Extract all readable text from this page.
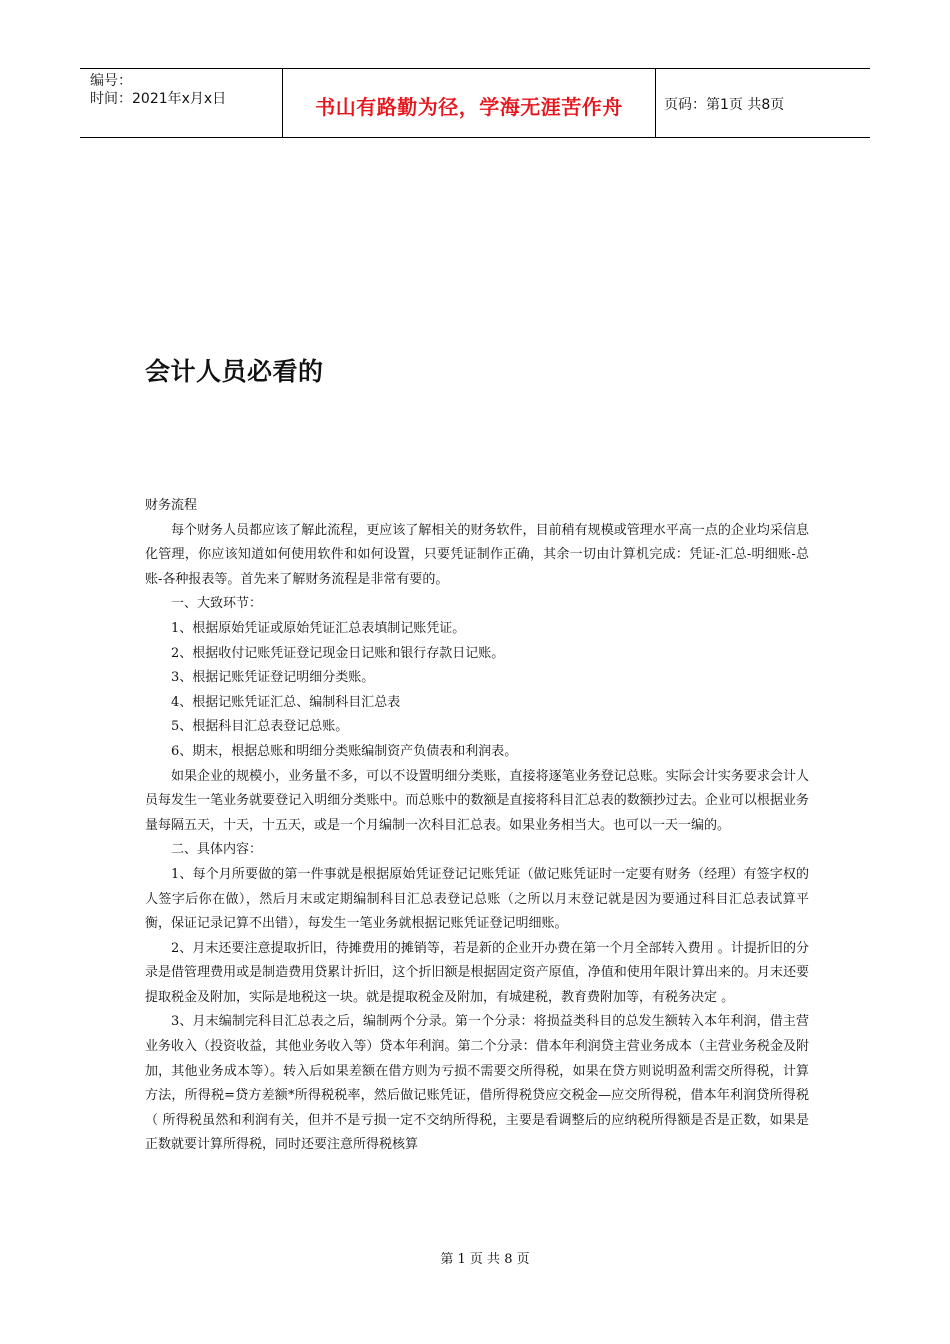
编号：
时间：2021年x月x日	书山有路勤为径，学海无涯苦作舟	页码：第1页 共8页
会计人员必看的

财务流程

每个财务人员都应该了解此流程，更应该了解相关的财务软件，目前稍有规模或管理水平高一点的企业均采信息化管理，你应该知道如何使用软件和如何设置，只要凭证制作正确，其余一切由计算机完成：凭证-汇总-明细账-总账-各种报表等。首先来了解财务流程是非常有要的。

一、大致环节：

1、根据原始凭证或原始凭证汇总表填制记账凭证。

2、根据收付记账凭证登记现金日记账和银行存款日记账。

3、根据记账凭证登记明细分类账。

4、根据记账凭证汇总、编制科目汇总表

5、根据科目汇总表登记总账。

6、期末，根据总账和明细分类账编制资产负债表和利润表。

如果企业的规模小，业务量不多，可以不设置明细分类账，直接将逐笔业务登记总账。实际会计实务要求会计人员每发生一笔业务就要登记入明细分类账中。而总账中的数额是直接将科目汇总表的数额抄过去。企业可以根据业务量每隔五天，十天，十五天，或是一个月编制一次科目汇总表。如果业务相当大。也可以一天一编的。

二、具体内容：

1、每个月所要做的第一件事就是根据原始凭证登记记账凭证（做记账凭证时一定要有财务（经理）有签字权的人签字后你在做），然后月末或定期编制科目汇总表登记总账（之所以月末登记就是因为要通过科目汇总表试算平衡，保证记录记算不出错），每发生一笔业务就根据记账凭证登记明细账。

2、月末还要注意提取折旧，待摊费用的摊销等，若是新的企业开办费在第一个月全部转入费用 。计提折旧的分录是借管理费用或是制造费用贷累计折旧，这个折旧额是根据固定资产原值，净值和使用年限计算出来的。月末还要提取税金及附加，实际是地税这一块。就是提取税金及附加，有城建税，教育费附加等，有税务决定 。

3、月末编制完科目汇总表之后，编制两个分录。第一个分录：将损益类科目的总发生额转入本年利润，借主营业务收入（投资收益，其他业务收入等）贷本年利润。第二个分录：借本年利润贷主营业务成本（主营业务税金及附加，其他业务成本等）。转入后如果差额在借方则为亏损不需要交所得税，如果在贷方则说明盈利需交所得税，计算方法，所得税=贷方差额*所得税税率，然后做记账凭证，借所得税贷应交税金—应交所得税，借本年利润贷所得税（ 所得税虽然和利润有关，但并不是亏损一定不交纳所得税，主要是看调整后的应纳税所得额是否是正数，如果是正数就要计算所得税，同时还要注意所得税核算

第 1 页 共 8 页
